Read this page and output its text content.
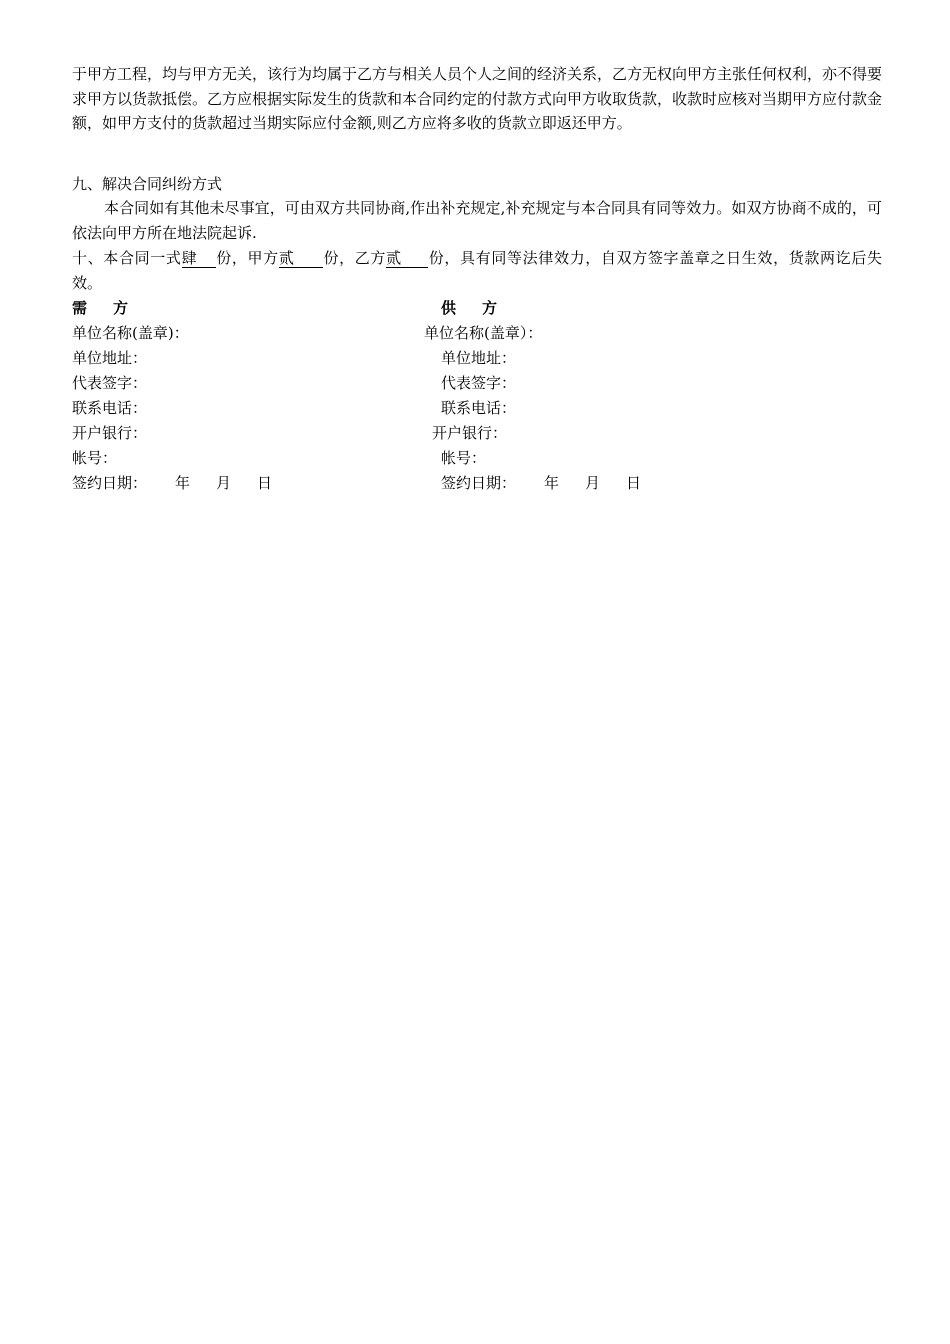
于甲方工程，均与甲方无关，该行为均属于乙方与相关人员个人之间的经济关系，乙方无权向甲方主张任何权利，亦不得要求甲方以货款抵偿。乙方应根据实际发生的货款和本合同约定的付款方式向甲方收取货款，收款时应核对当期甲方应付款金额，如甲方支付的货款超过当期实际应付金额,则乙方应将多收的货款立即返还甲方。

九、解决合同纠纷方式

本合同如有其他未尽事宜，可由双方共同协商,作出补充规定,补充规定与本合同具有同等效力。如双方协商不成的，可依法向甲方所在地法院起诉.

十、本合同一式肆 份，甲方贰 份，乙方贰 份，具有同等法律效力，自双方签字盖章之日生效，货款两讫后失效。

需方
单位名称(盖章)：
单位地址：
代表签字：
联系电话：
开户银行：
帐号：
签约日期： 年 月 日
供方
单位名称(盖章）：
单位地址：
代表签字：
联系电话：
开户银行：
帐号：
签约日期： 年 月 日
